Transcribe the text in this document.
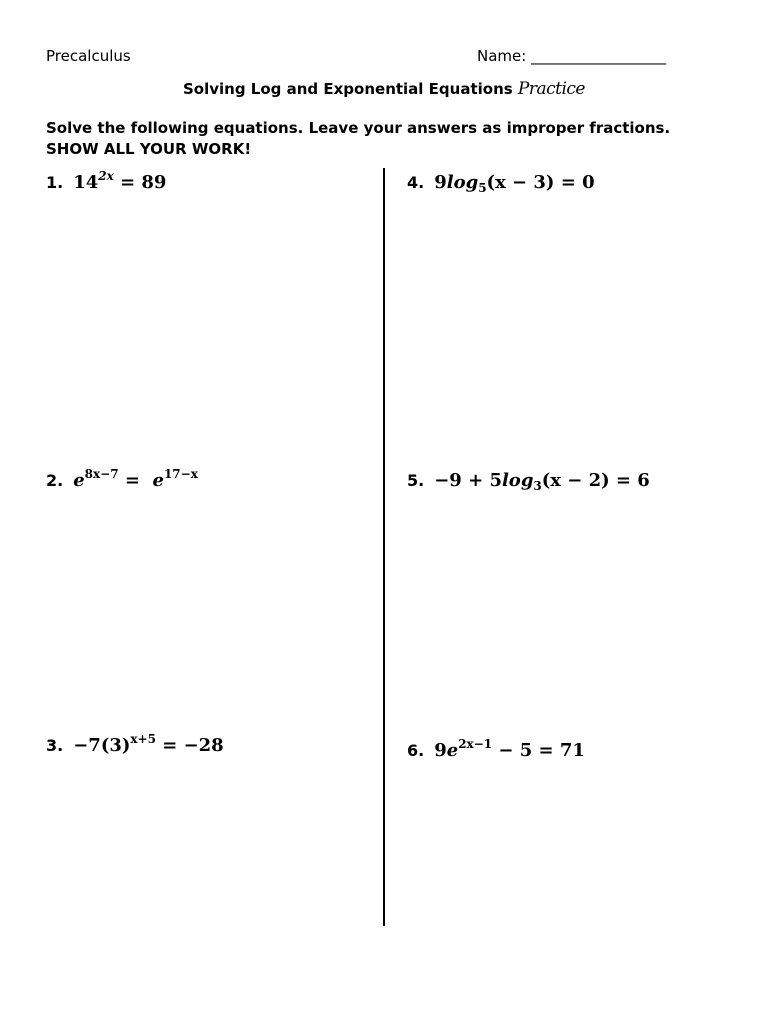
Precalculus	Name: __________________
Solving Log and Exponential Equations Practice
Solve the following equations. Leave your answers as improper fractions.
SHOW ALL YOUR WORK!
1. $14^{2x} = 89$
2. $e^{8x-7} = e^{17-x}$
3. $-7(3)^{x+5} = -28$
4. $9\log_5(x - 3) = 0$
5. $-9 + 5\log_3(x - 2) = 6$
6. $9e^{2x-1} - 5 = 71$
